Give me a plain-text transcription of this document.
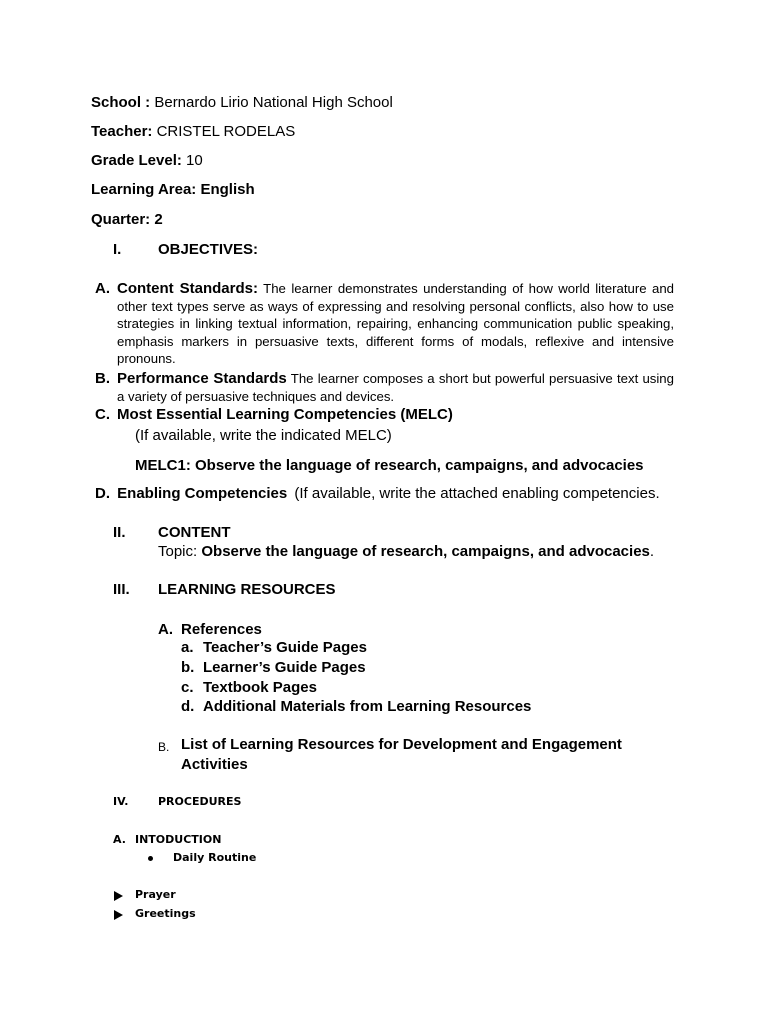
School : Bernardo Lirio National High School
Teacher: CRISTEL RODELAS
Grade Level: 10
Learning Area: English
Quarter: 2
I. OBJECTIVES:
A. Content Standards: The learner demonstrates understanding of how world literature and other text types serve as ways of expressing and resolving personal conflicts, also how to use strategies in linking textual information, repairing, enhancing communication public speaking, emphasis markers in persuasive texts, different forms of modals, reflexive and intensive pronouns.
B. Performance Standards The learner composes a short but powerful persuasive text using a variety of persuasive techniques and devices.
C. Most Essential Learning Competencies (MELC)
(If available, write the indicated MELC)
MELC1: Observe the language of research, campaigns, and advocacies
D. Enabling Competencies (If available, write the attached enabling competencies.
II. CONTENT
Topic: Observe the language of research, campaigns, and advocacies.
III. LEARNING RESOURCES
A. References
a. Teacher’s Guide Pages
b. Learner’s Guide Pages
c. Textbook Pages
d. Additional Materials from Learning Resources
B. List of Learning Resources for Development and Engagement
Activities
IV.	PROCEDURES
A. INTODUCTION
Daily Routine
Prayer
Greetings
